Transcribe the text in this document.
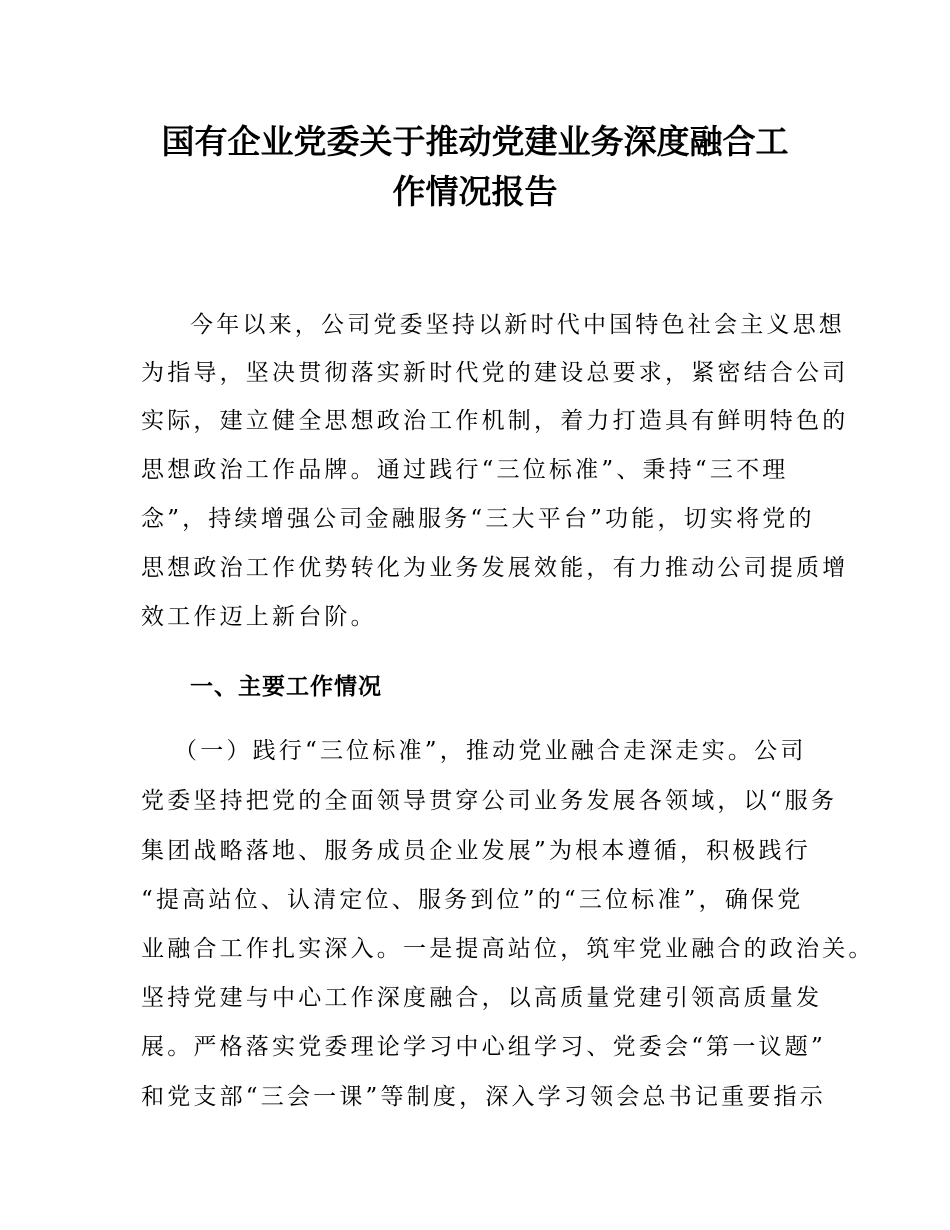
国有企业党委关于推动党建业务深度融合工
作情况报告
今年以来，公司党委坚持以新时代中国特色社会主义思想
为指导，坚决贯彻落实新时代党的建设总要求，紧密结合公司
实际，建立健全思想政治工作机制，着力打造具有鲜明特色的
思想政治工作品牌。通过践行“三位标准”、秉持“三不理
念”，持续增强公司金融服务“三大平台”功能，切实将党的
思想政治工作优势转化为业务发展效能，有力推动公司提质增
效工作迈上新台阶。
一、主要工作情况
（一）践行“三位标准”，推动党业融合走深走实。公司
党委坚持把党的全面领导贯穿公司业务发展各领域，以“服务
集团战略落地、服务成员企业发展”为根本遵循，积极践行
“提高站位、认清定位、服务到位”的“三位标准”，确保党
业融合工作扎实深入。一是提高站位，筑牢党业融合的政治关。
坚持党建与中心工作深度融合，以高质量党建引领高质量发
展。严格落实党委理论学习中心组学习、党委会“第一议题”
和党支部“三会一课”等制度，深入学习领会总书记重要指示
